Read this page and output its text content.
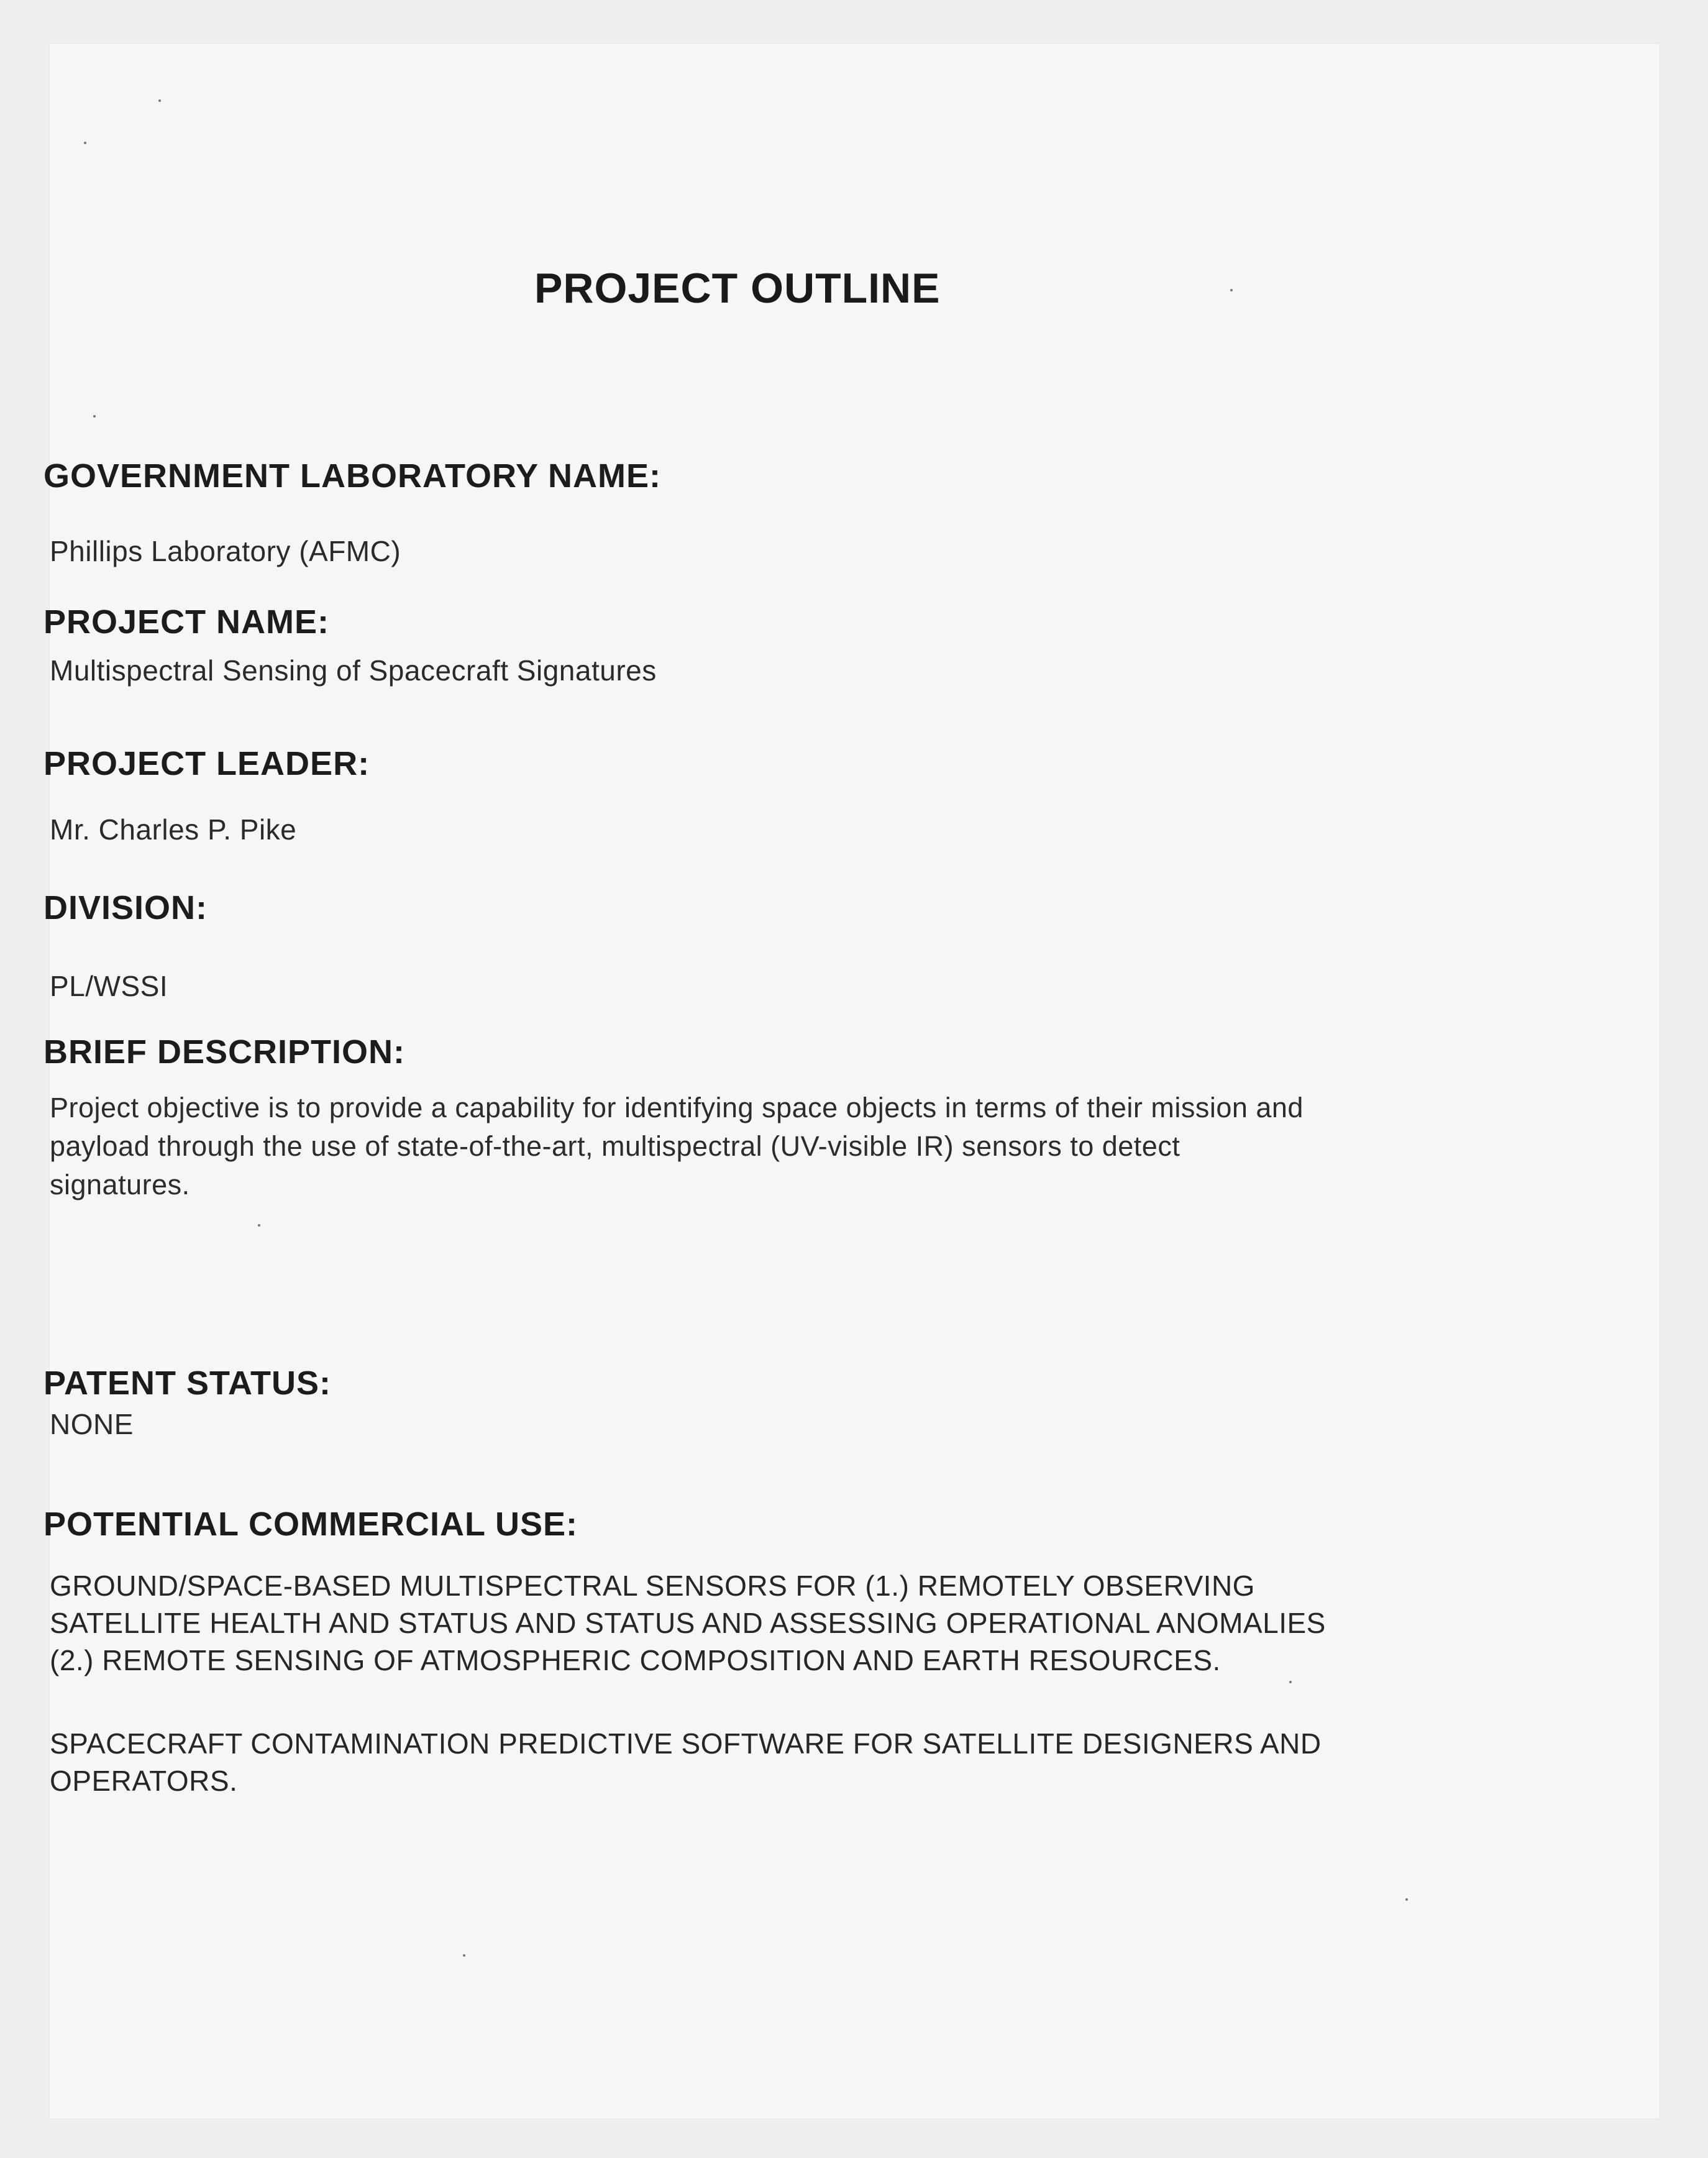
PROJECT OUTLINE
GOVERNMENT LABORATORY NAME:

Phillips Laboratory (AFMC)

PROJECT NAME:

Multispectral Sensing of Spacecraft Signatures

PROJECT LEADER:

Mr. Charles P. Pike

DIVISION:

PL/WSSI

BRIEF DESCRIPTION:
Project objective is to provide a capability for identifying space objects in terms of their mission and
payload through the use of state-of-the-art, multispectral (UV-visible IR) sensors to detect
signatures.
PATENT STATUS:

NONE

POTENTIAL COMMERCIAL USE:
GROUND/SPACE-BASED MULTISPECTRAL SENSORS FOR (1.) REMOTELY OBSERVING
SATELLITE HEALTH AND STATUS AND STATUS AND ASSESSING OPERATIONAL ANOMALIES
(2.) REMOTE SENSING OF ATMOSPHERIC COMPOSITION AND EARTH RESOURCES.
SPACECRAFT CONTAMINATION PREDICTIVE SOFTWARE FOR SATELLITE DESIGNERS AND
OPERATORS.
